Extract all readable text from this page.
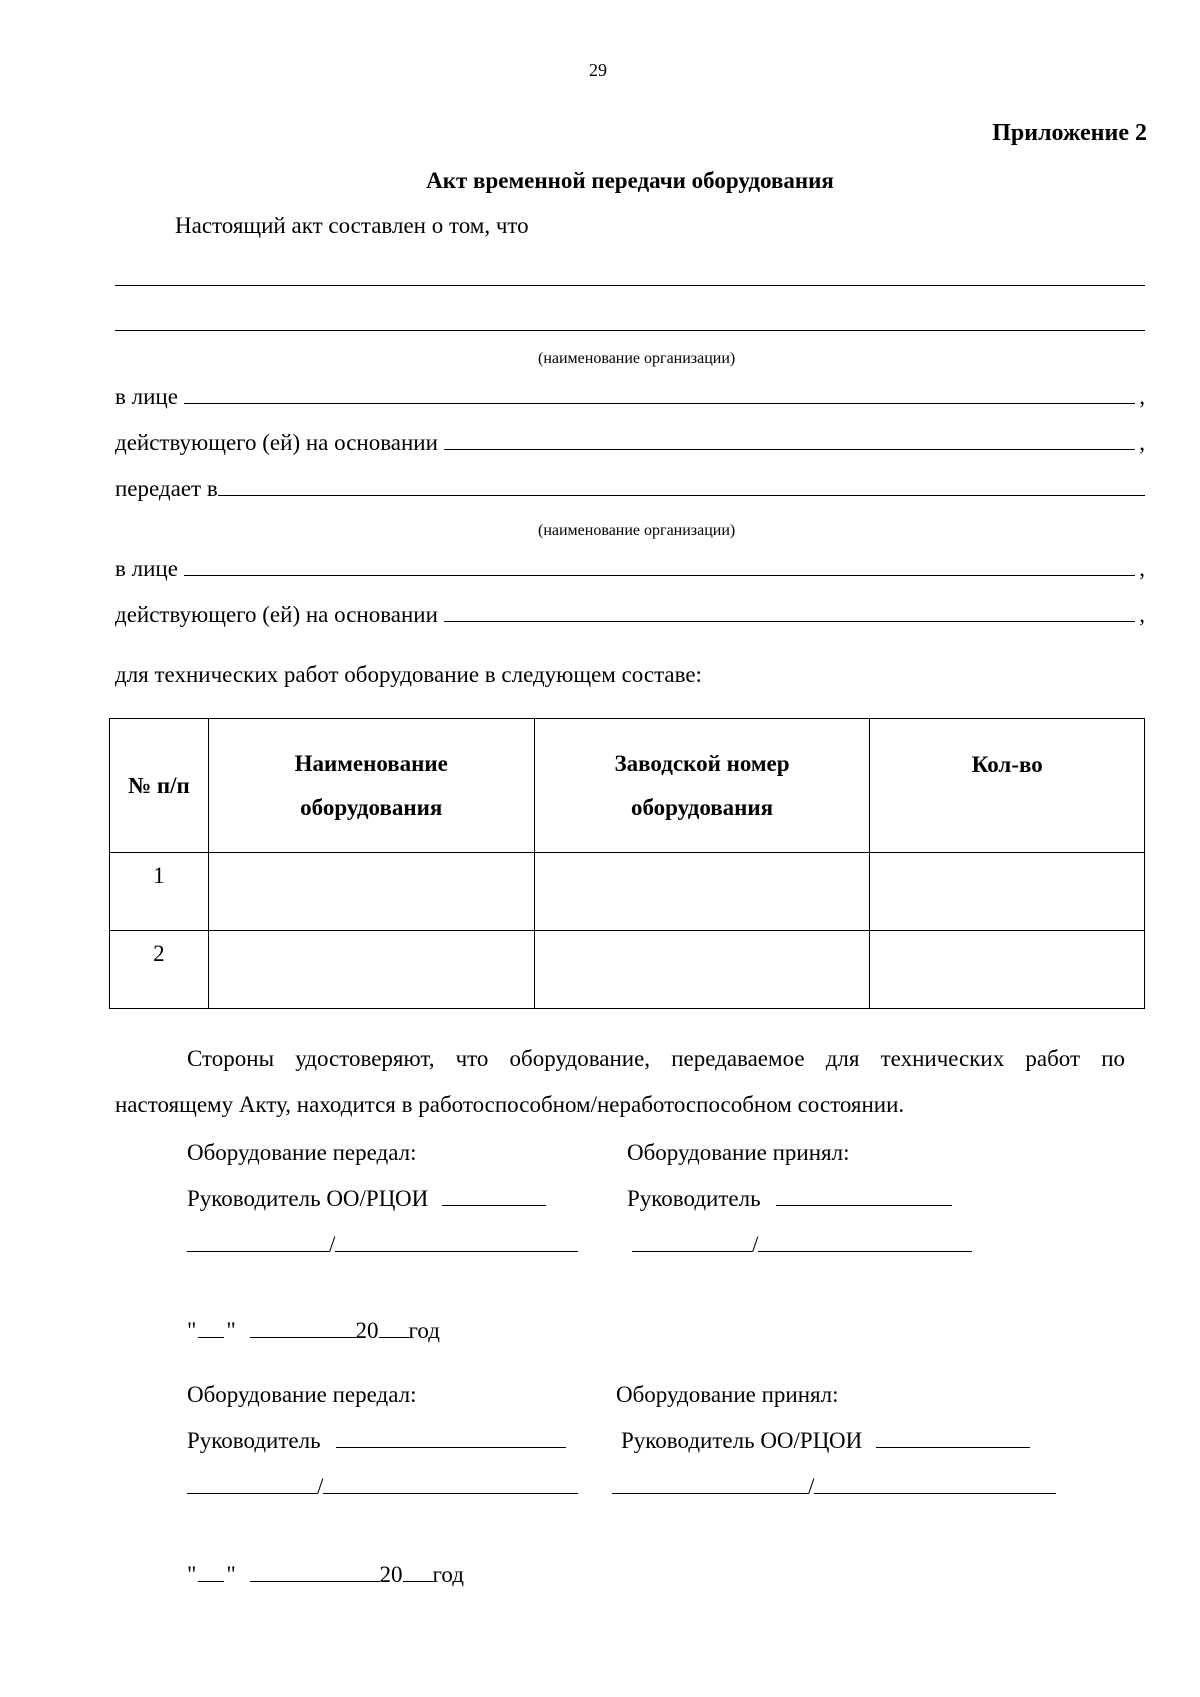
29
Приложение 2
Акт временной передачи оборудования
Настоящий акт составлен о том, что
(наименование организации)
в лице	,
действующего (ей) на основании	,
передает в
(наименование организации)
в лице	,
действующего (ей) на основании	,
для технических работ оборудование в следующем составе:
№ п/п	Наименование оборудования	Заводской номер оборудования	Кол-во
1			
2			
Стороны удостоверяют, что оборудование, передаваемое для технических работ по настоящему Акту, находится в работоспособном/неработоспособном состоянии.
Оборудование передал:	Оборудование принял:
Руководитель ОО/РЦОИ	Руководитель
/	/
" "	20 год
Оборудование передал:	Оборудование принял:
Руководитель	Руководитель ОО/РЦОИ
/	/
" "	20 год
